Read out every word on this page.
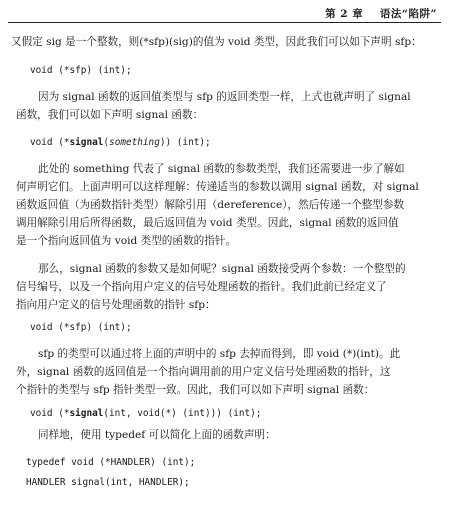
第 2 章 语法“陷阱”
又假定 sig 是一个整数，则(*sfp)(sig)的值为 void 类型，因此我们可以如下声明 sfp：
void (*sfp) (int);
因为 signal 函数的返回值类型与 sfp 的返回类型一样，上式也就声明了 signal
函数，我们可以如下声明 signal 函数：
void (*signal(something)) (int);
此处的 something 代表了 signal 函数的参数类型，我们还需要进一步了解如
何声明它们。上面声明可以这样理解：传递适当的参数以调用 signal 函数，对 signal
函数返回值（为函数指针类型）解除引用（dereference），然后传递一个整型参数
调用解除引用后所得函数，最后返回值为 void 类型。因此，signal 函数的返回值
是一个指向返回值为 void 类型的函数的指针。
那么，signal 函数的参数又是如何呢？signal 函数接受两个参数：一个整型的
信号编号，以及一个指向用户定义的信号处理函数的指针。我们此前已经定义了
指向用户定义的信号处理函数的指针 sfp：
void (*sfp) (int);
sfp 的类型可以通过将上面的声明中的 sfp 去掉而得到，即 void (*)(int)。此
外，signal 函数的返回值是一个指向调用前的用户定义信号处理函数的指针，这
个指针的类型与 sfp 指针类型一致。因此，我们可以如下声明 signal 函数：
void (*signal(int, void(*) (int))) (int);
同样地，使用 typedef 可以简化上面的函数声明：
typedef void (*HANDLER) (int);
HANDLER signal(int, HANDLER);
